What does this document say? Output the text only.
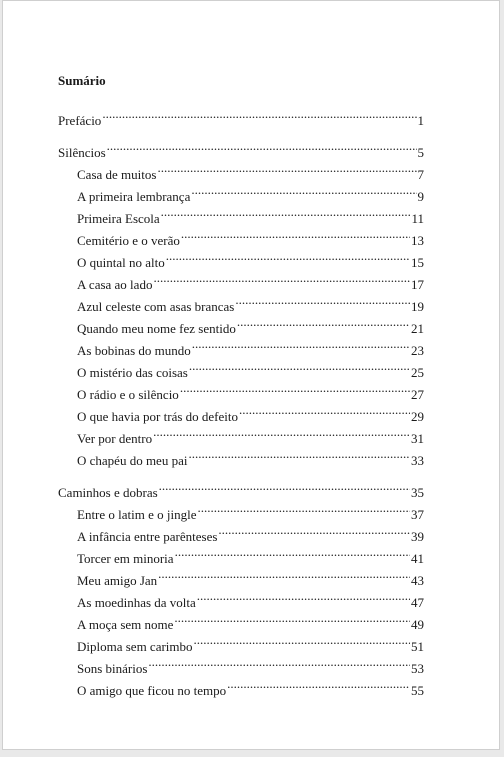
Sumário
Prefácio .....	1
Silêncios .....	5
Casa de muitos .....	7
A primeira lembrança .....	9
Primeira Escola .....	11
Cemitério e o verão .....	13
O quintal no alto .....	15
A casa ao lado .....	17
Azul celeste com asas brancas .....	19
Quando meu nome fez sentido .....	21
As bobinas do mundo .....	23
O mistério das coisas .....	25
O rádio e o silêncio .....	27
O que havia por trás do defeito .....	29
Ver por dentro .....	31
O chapéu do meu pai .....	33
Caminhos e dobras .....	35
Entre o latim e o jingle .....	37
A infância entre parênteses .....	39
Torcer em minoria .....	41
Meu amigo Jan .....	43
As moedinhas da volta .....	47
A moça sem nome .....	49
Diploma sem carimbo .....	51
Sons binários .....	53
O amigo que ficou no tempo .....	55
